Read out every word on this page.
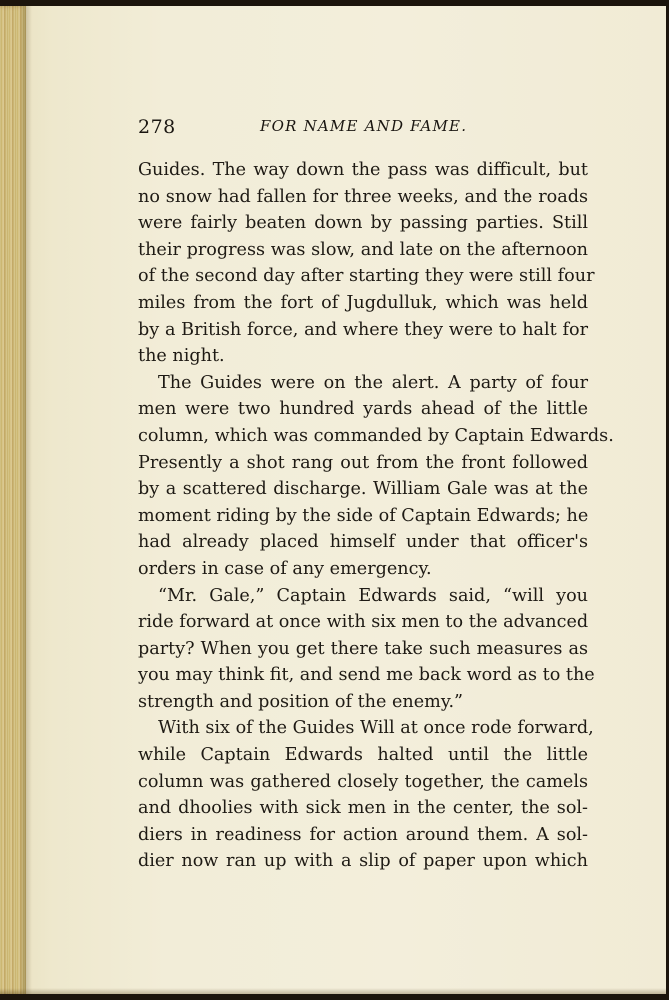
278	FOR NAME AND FAME.
Guides. The way down the pass was difficult, but
no snow had fallen for three weeks, and the roads
were fairly beaten down by passing parties. Still
their progress was slow, and late on the afternoon
of the second day after starting they were still four
miles from the fort of Jugdulluk, which was held
by a British force, and where they were to halt for
the night.
The Guides were on the alert. A party of four
men were two hundred yards ahead of the little
column, which was commanded by Captain Edwards.
Presently a shot rang out from the front followed
by a scattered discharge. William Gale was at the
moment riding by the side of Captain Edwards; he
had already placed himself under that officer's
orders in case of any emergency.
“Mr. Gale,” Captain Edwards said, “will you
ride forward at once with six men to the advanced
party? When you get there take such measures as
you may think fit, and send me back word as to the
strength and position of the enemy.”
With six of the Guides Will at once rode forward,
while Captain Edwards halted until the little
column was gathered closely together, the camels
and dhoolies with sick men in the center, the sol-
diers in readiness for action around them. A sol-
dier now ran up with a slip of paper upon which
